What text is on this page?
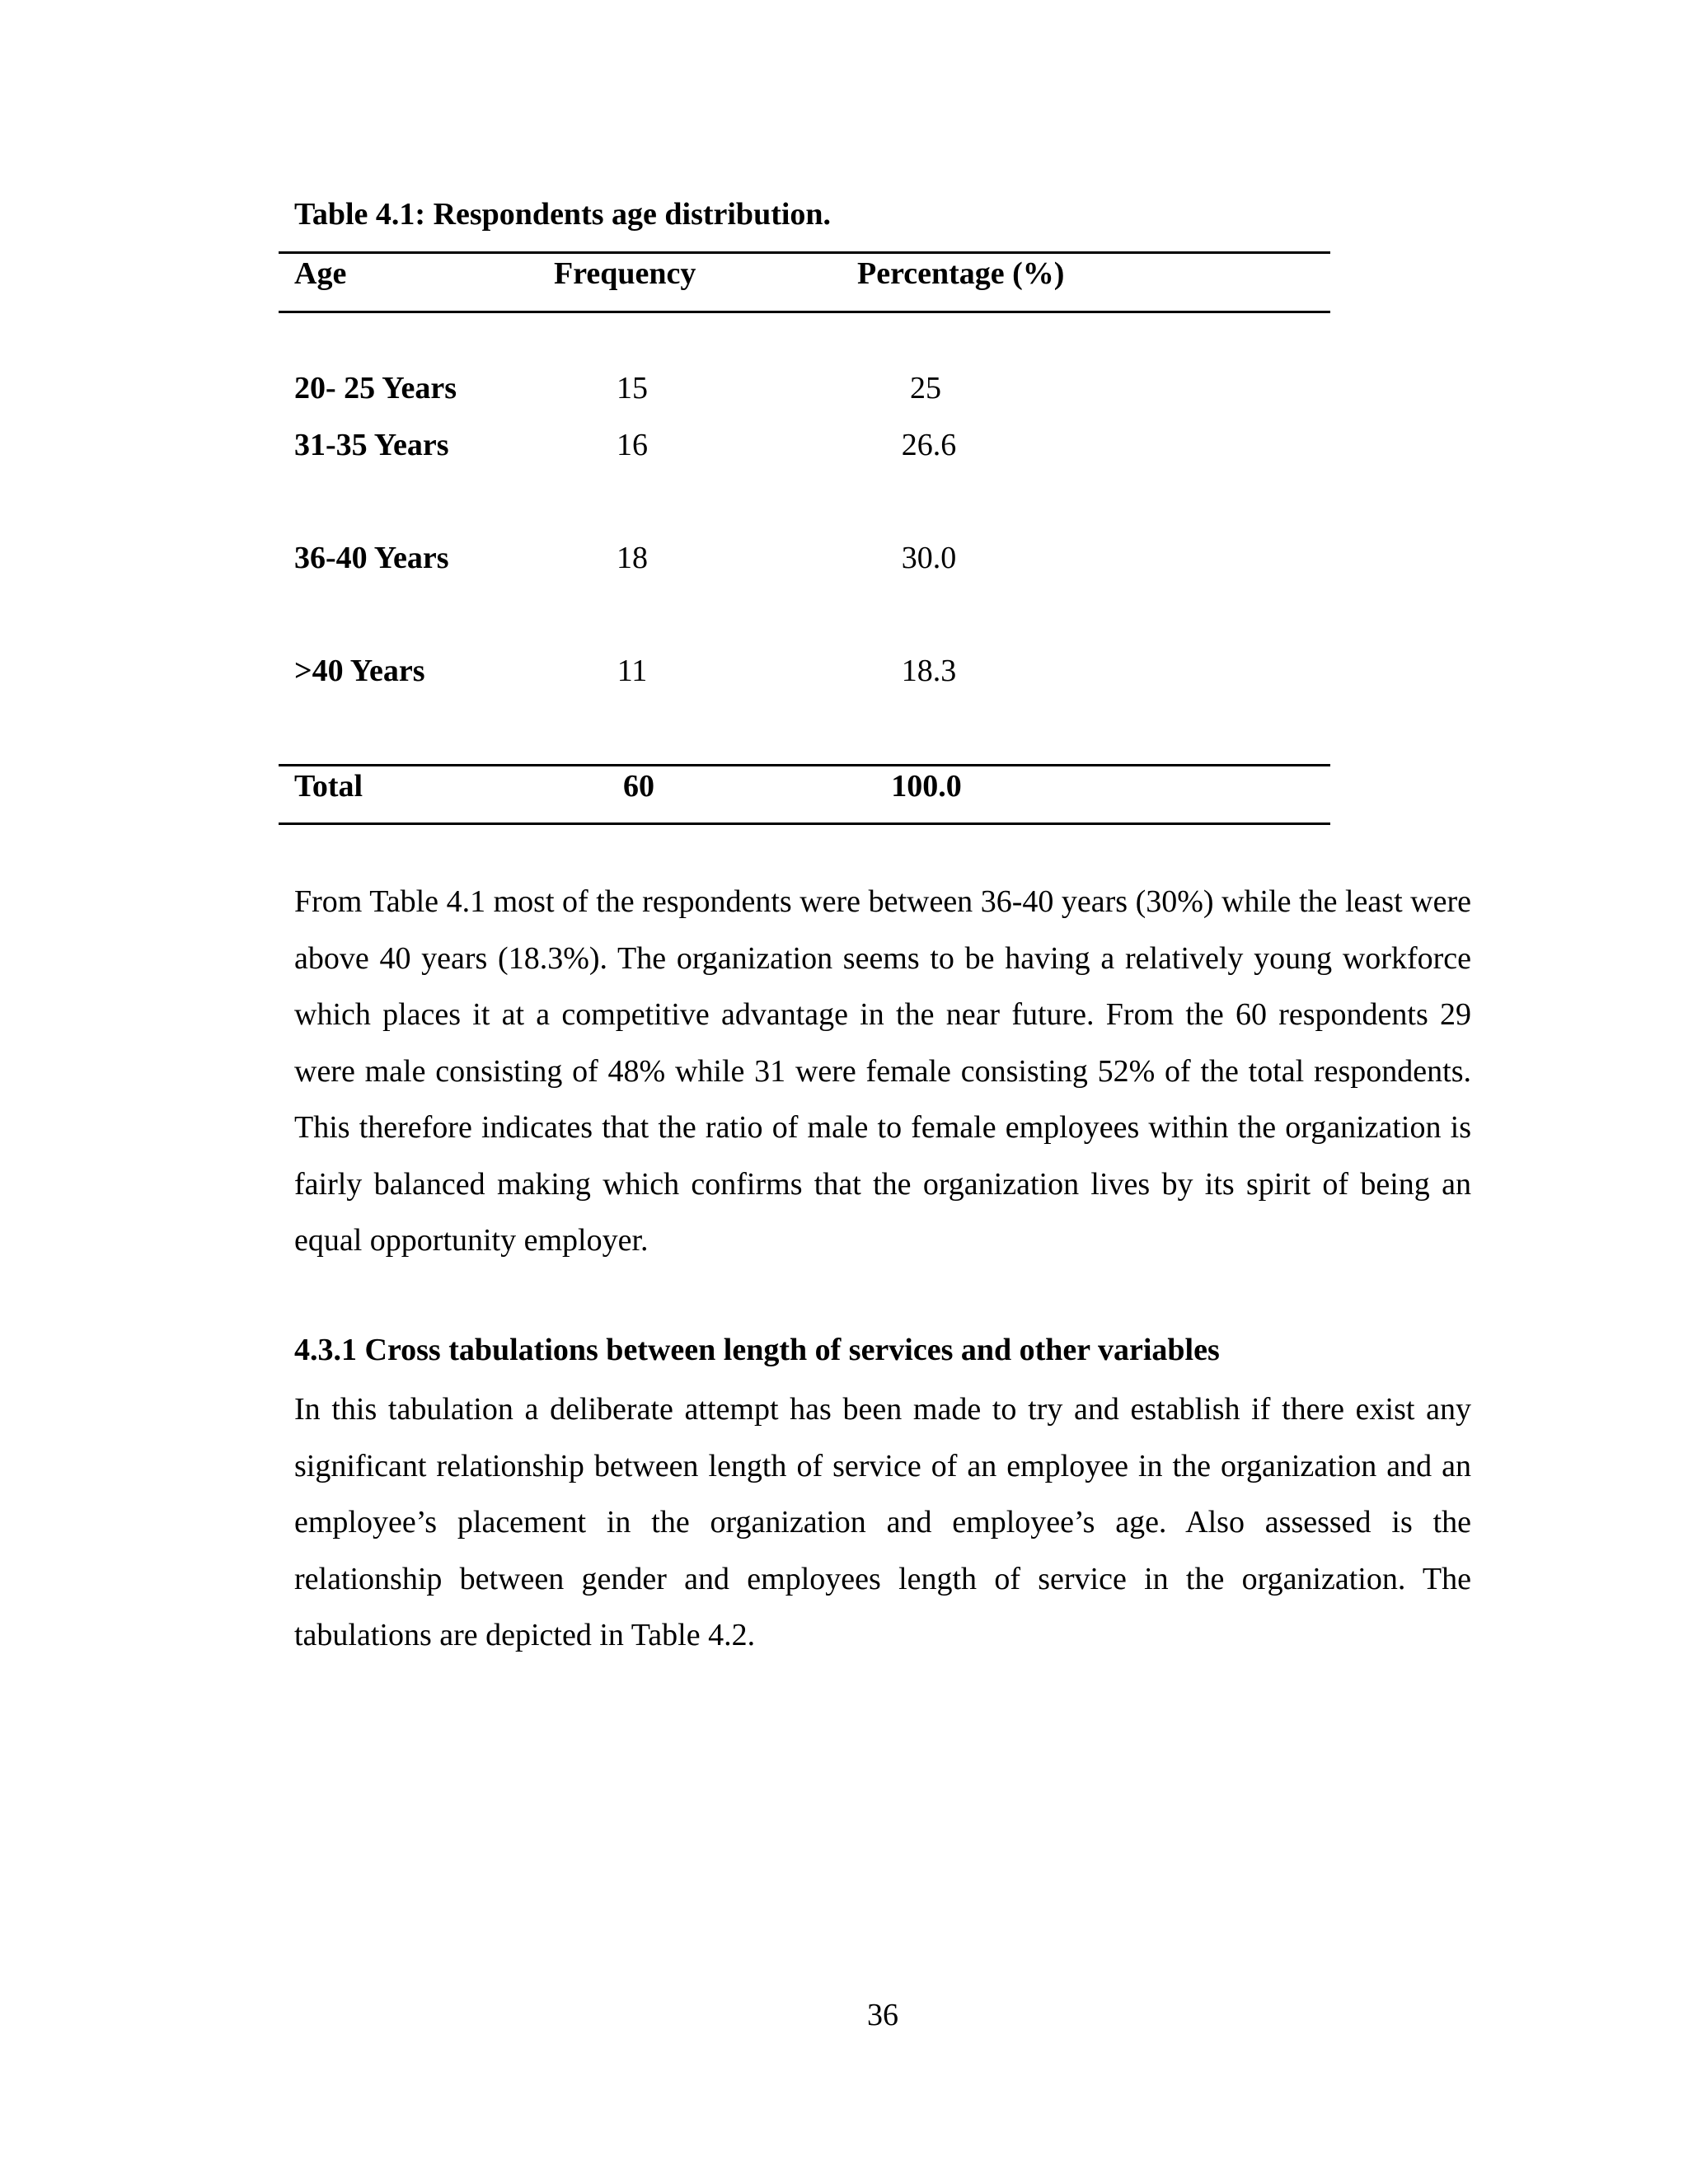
Table 4.1: Respondents age distribution.
Age	Frequency	Percentage (%)
20- 25 Years	15	25
31-35 Years	16	26.6
36-40 Years	18	30.0
>40 Years	11	18.3
Total	60	100.0

From Table 4.1 most of the respondents were between 36-40 years (30%) while the least were above 40 years (18.3%). The organization seems to be having a relatively young workforce which places it at a competitive advantage in the near future. From the 60 respondents 29 were male consisting of 48% while 31 were female consisting 52% of the total respondents. This therefore indicates that the ratio of male to female employees within the organization is fairly balanced making which confirms that the organization lives by its spirit of being an equal opportunity employer.

4.3.1 Cross tabulations between length of services and other variables

In this tabulation a deliberate attempt has been made to try and establish if there exist any significant relationship between length of service of an employee in the organization and an employee’s placement in the organization and employee’s age. Also assessed is the relationship between gender and employees length of service in the organization. The tabulations are depicted in Table 4.2.

36
